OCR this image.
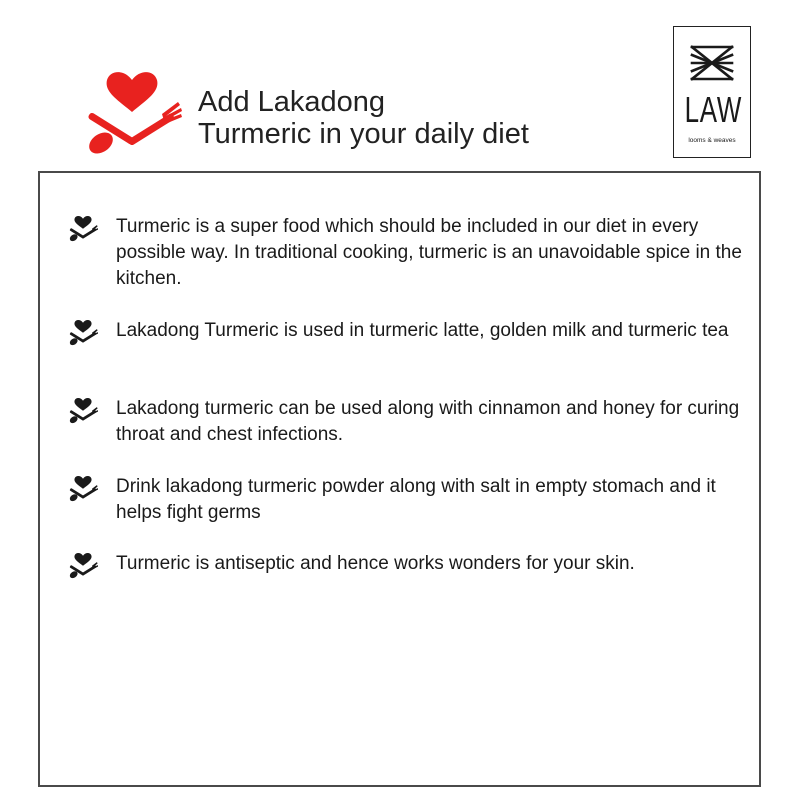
Add Lakadong
Turmeric in your daily diet
LAW
looms & weaves
Turmeric is a super food which should be included in our diet in every possible way. In traditional cooking, turmeric is an unavoidable spice in the kitchen.
Lakadong Turmeric is used in turmeric latte, golden milk and turmeric tea
Lakadong turmeric can be used along with cinnamon and honey for curing throat and chest infections.
Drink lakadong turmeric powder along with salt in empty stomach and it helps fight germs
Turmeric is antiseptic and hence works wonders for your skin.
